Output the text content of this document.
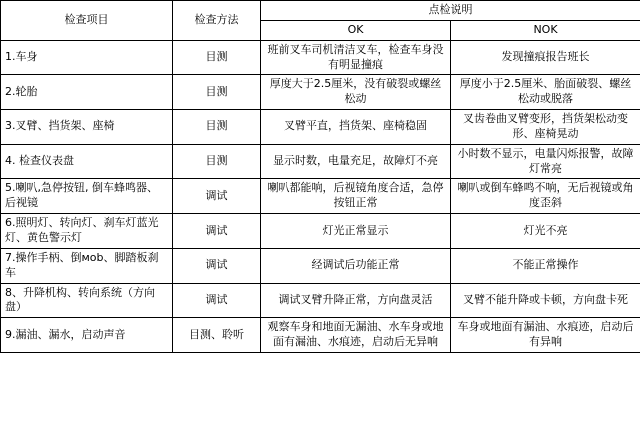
检查项目	检查方法	点检说明	
		OK	NOK
1.车身	目测	班前叉车司机清洁叉车，检查车身没有明显撞痕	发现撞痕报告班长
2.轮胎	目测	厚度大于2.5厘米，没有破裂或螺丝松动	厚度小于2.5厘米、胎面破裂、螺丝松动或脱落
3.叉臂、挡货架、座椅	目测	叉臂平直，挡货架、座椅稳固	叉齿卷曲叉臂变形，挡货架松动变形、座椅晃动
4. 检查仪表盘	目测	显示时数，电量充足，故障灯不亮	小时数不显示，电量闪烁报警，故障灯常亮
5.喇叭,急停按钮, 倒车蜂鸣器、后视镜	调试	喇叭都能响，后视镜角度合适，急停按钮正常	喇叭或倒车蜂鸣不响，无后视镜或角度歪斜
6.照明灯、转向灯、刹车灯蓝光灯、黄色警示灯	调试	灯光正常显示	灯光不亮
7.操作手柄、倒моb、脚踏板刹车	调试	经调试后功能正常	不能正常操作
8、升降机构、转向系统（方向盘）	调试	调试叉臂升降正常，方向盘灵活	叉臂不能升降或卡顿，方向盘卡死
9.漏油、漏水，启动声音	目测、聆听	观察车身和地面无漏油、水车身或地面有漏油、水痕迹，启动后无异响	车身或地面有漏油、水痕迹，启动后有异响
